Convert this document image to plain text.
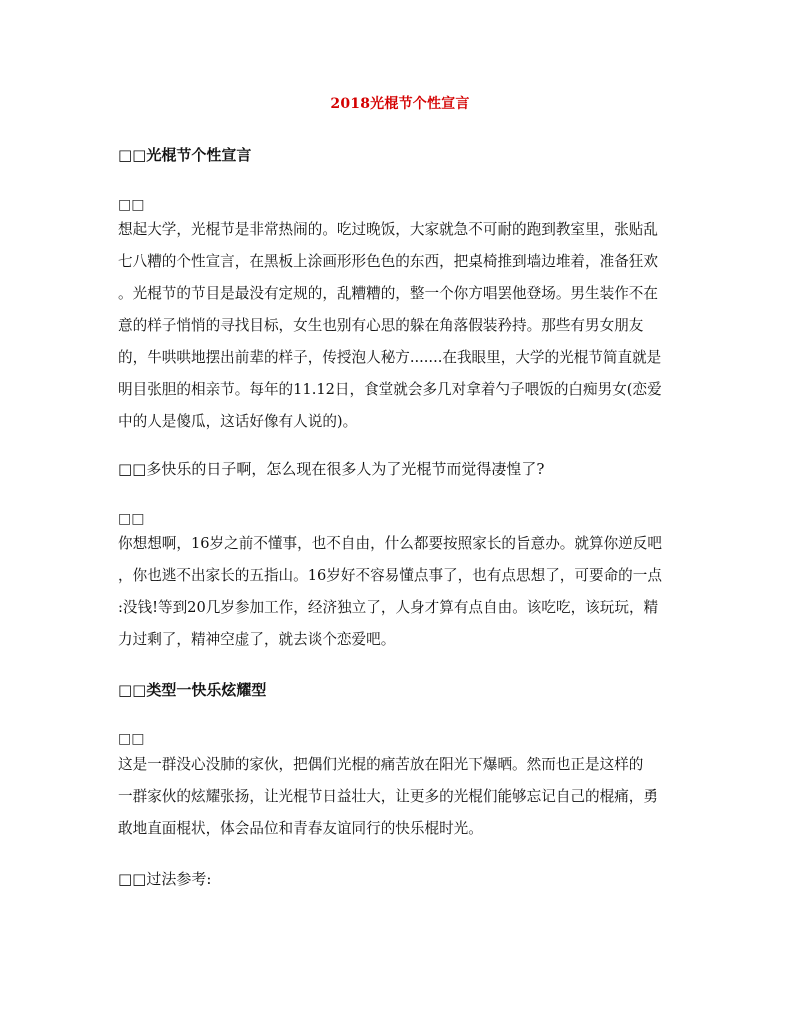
2018光棍节个性宣言
□□光棍节个性宣言
□□
想起大学，光棍节是非常热闹的。吃过晚饭，大家就急不可耐的跑到教室里，张贴乱
七八糟的个性宣言，在黑板上涂画形形色色的东西，把桌椅推到墙边堆着，准备狂欢
。光棍节的节目是最没有定规的，乱糟糟的，整一个你方唱罢他登场。男生装作不在
意的样子悄悄的寻找目标，女生也别有心思的躲在角落假装矜持。那些有男女朋友
的，牛哄哄地摆出前辈的样子，传授泡人秘方.......在我眼里，大学的光棍节简直就是
明目张胆的相亲节。每年的11.12日，食堂就会多几对拿着勺子喂饭的白痴男女(恋爱
中的人是傻瓜，这话好像有人说的)。
□□多快乐的日子啊，怎么现在很多人为了光棍节而觉得凄惶了?
□□
你想想啊，16岁之前不懂事，也不自由，什么都要按照家长的旨意办。就算你逆反吧
，你也逃不出家长的五指山。16岁好不容易懂点事了，也有点思想了，可要命的一点
:没钱!等到20几岁参加工作，经济独立了，人身才算有点自由。该吃吃，该玩玩，精
力过剩了，精神空虚了，就去谈个恋爱吧。
□□类型一快乐炫耀型
□□
这是一群没心没肺的家伙，把偶们光棍的痛苦放在阳光下爆晒。然而也正是这样的
一群家伙的炫耀张扬，让光棍节日益壮大，让更多的光棍们能够忘记自己的棍痛，勇
敢地直面棍状，体会品位和青春友谊同行的快乐棍时光。
□□过法参考:
